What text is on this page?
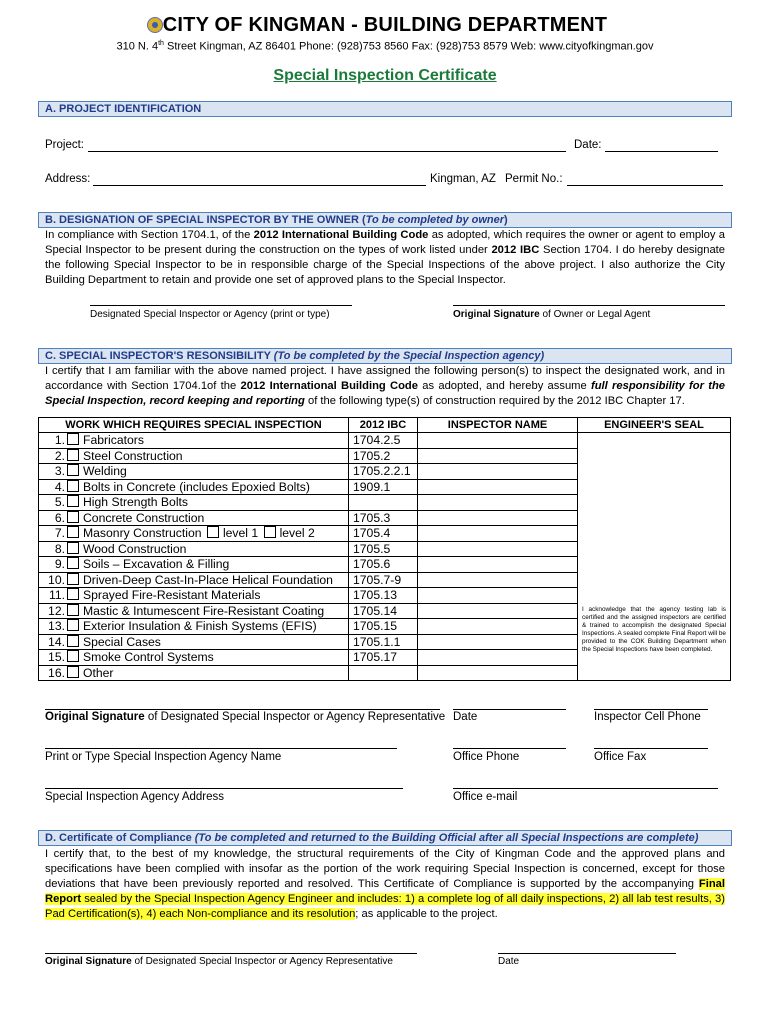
CITY OF KINGMAN - BUILDING DEPARTMENT
310 N. 4th Street Kingman, AZ 86401 Phone: (928)753 8560 Fax: (928)753 8579 Web: www.cityofkingman.gov
Special Inspection Certificate
A. PROJECT IDENTIFICATION
Project:	Date:
Address:	Kingman, AZ Permit No.:
B. DESIGNATION OF SPECIAL INSPECTOR BY THE OWNER (To be completed by owner)
In compliance with Section 1704.1, of the 2012 International Building Code as adopted, which requires the owner or agent to employ a Special Inspector to be present during the construction on the types of work listed under 2012 IBC Section 1704. I do hereby designate the following Special Inspector to be in responsible charge of the Special Inspections of the above project. I also authorize the City Building Department to retain and provide one set of approved plans to the Special Inspector.
Designated Special Inspector or Agency (print or type)	Original Signature of Owner or Legal Agent
C. SPECIAL INSPECTOR'S RESONSIBILITY (To be completed by the Special Inspection agency)
I certify that I am familiar with the above named project. I have assigned the following person(s) to inspect the designated work, and in accordance with Section 1704.1of the 2012 International Building Code as adopted, and hereby assume full responsibility for the Special Inspection, record keeping and reporting of the following type(s) of construction required by the 2012 IBC Chapter 17.
WORK WHICH REQUIRES SPECIAL INSPECTION	2012 IBC	INSPECTOR NAME	ENGINEER'S SEAL
1. Fabricators	1704.2.5		I acknowledge that the agency testing lab is certified and the assigned inspectors are certified & trained to accomplish the designated Special Inspections. A sealed complete Final Report will be provided to the COK Building Department when the Special Inspections have been completed.

2. Steel Construction	1705.2		
3. Welding	1705.2.2.1		
4. Bolts in Concrete (includes Epoxied Bolts)	1909.1		
5. High Strength Bolts			
6. Concrete Construction	1705.3		
7. Masonry Construction level 1 level 2	1705.4		
8. Wood Construction	1705.5		
9. Soils – Excavation & Filling	1705.6		
10. Driven-Deep Cast-In-Place Helical Foundation	1705.7-9		
11. Sprayed Fire-Resistant Materials	1705.13		
12. Mastic & Intumescent Fire-Resistant Coating	1705.14		
13. Exterior Insulation & Finish Systems (EFIS)	1705.15		
14. Special Cases	1705.1.1		
15. Smoke Control Systems	1705.17		
16. Other			
Original Signature of Designated Special Inspector or Agency Representative Date	Inspector Cell Phone
Print or Type Special Inspection Agency Name	Office Phone	Office Fax
Special Inspection Agency Address	Office e-mail
D. Certificate of Compliance (To be completed and returned to the Building Official after all Special Inspections are complete)
I certify that, to the best of my knowledge, the structural requirements of the City of Kingman Code and the approved plans and specifications have been complied with insofar as the portion of the work requiring Special Inspection is concerned, except for those deviations that have been previously reported and resolved. This Certificate of Compliance is supported by the accompanying Final Report sealed by the Special Inspection Agency Engineer and includes: 1) a complete log of all daily inspections, 2) all lab test results, 3) Pad Certification(s), 4) each Non-compliance and its resolution; as applicable to the project.
Original Signature of Designated Special Inspector or Agency Representative	Date
